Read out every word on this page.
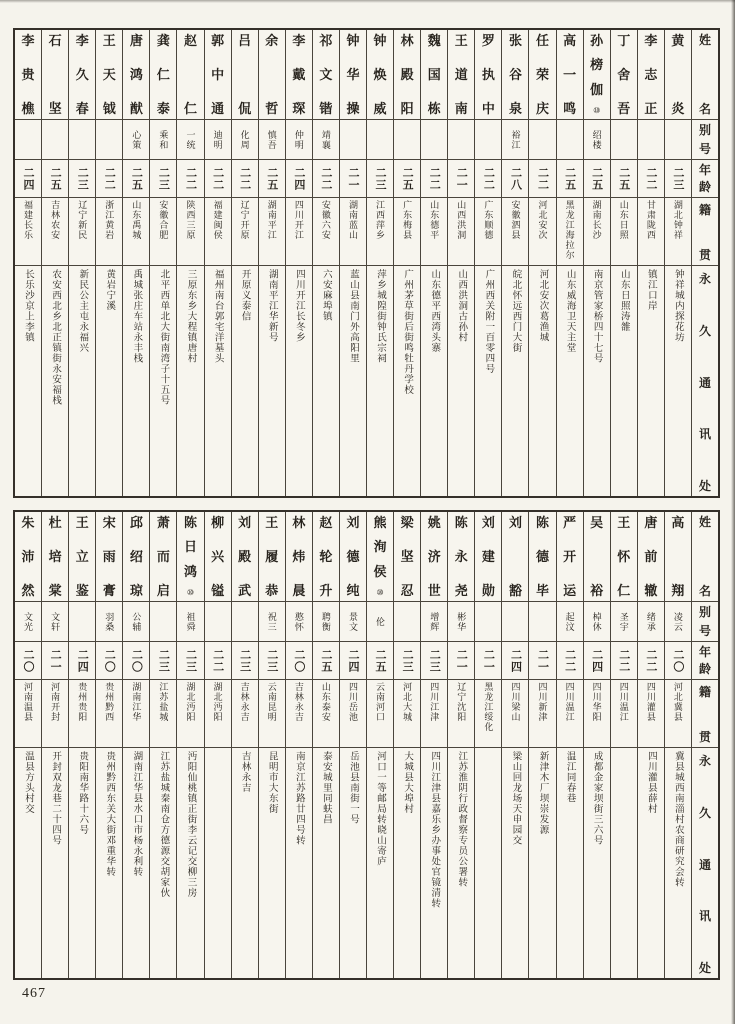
李
贵
樵
二四
福建长乐
长乐沙京上李镇
石
坚
二五
吉林农安
农安西北乡北正镇街永安福栈
李
久
春
二三
辽宁新民
新民公主屯永福兴
王
天
钺
二二
浙江黄岩
黄岩宁溪
唐
鸿
猷
心策
二五
山东禹城
禹城张庄车站永丰栈
龚
仁
泰
乘和
二三
安徽合肥
北平西单北大街南湾子十五号
赵
仁
一统
二二
陕西三原
三原东乡大程镇唐村
郭
中
通
迪明
二二
福建闽侯
福州南台郭宅洋墓头
吕
侃
化周
二二
辽宁开原
开原义泰信
余
哲
慎吾
二五
湖南平江
湖南平江华新号
李
戴
琛
仲明
二四
四川开江
四川开江长冬乡
祁
文
锴
靖襄
二二
安徽六安
六安麻埠镇
钟
华
操
二一
湖南蓝山
蓝山县南门外高阳里
钟
焕
威
二三
江西萍乡
萍乡城隍街钟氏宗祠
林
殿
阳
二五
广东梅县
广州茅草街后街鸣牡丹学校
魏
国
栋
二二
山东德平
山东德平西湾头寨
王
道
南
二一
山西洪洞
山西洪洞古孙村
罗
执
中
二二
广东顺德
广州西关附一百零四号
张
谷
泉
裕江
二八
安徽泗县
皖北怀远西门大街
任
荣
庆
二二
河北安次
河北安次葛渔城
高
一
鸣
二五
黑龙江海拉尔
山东威海卫天主堂
孙
榜
伽
⑩
绍楼
二五
湖南长沙
南京管家桥四十七号
丁
舍
吾
二五
山东日照
山东日照涛雒
李
志
正
二二
甘肃陇西
镇江口岸
黄
炎
二三
湖北钟祥
钟祥城内探花坊
姓
名
别
号
年
龄
籍
贯
永
久
通
讯
处
朱
沛
然
文光
二〇
河南温县
温县方头村交
杜
培
棠
文轩
二一
河南开封
开封双龙巷二十四号
王
立
鉴
二四
贵州贵阳
贵阳南华路十六号
宋
雨
膏
羽桑
二〇
贵州黔西
贵州黔西东关大街邓重华转
邱
绍
琼
公辅
二〇
湖南江华
湖南江华县水口市杨永利转
萧
而
启
二三
江苏盐城
江苏盐城秦南仓方德源交胡家伙
陈
日
鸿
⑩
祖舜
二三
湖北沔阳
沔阳仙桃镇正街李云记交柳三房
柳
兴
镒
二二
湖北沔阳
刘
殿
武
二三
吉林永吉
吉林永吉
王
履
恭
祝三
二三
云南昆明
昆明市大东街
林
炜
晨
憨怀
二〇
吉林永吉
南京江苏路廿四号转
赵
轮
升
聘衡
二五
山东泰安
泰安城里同蚨昌
刘
德
纯
景文
二四
四川岳池
岳池县南街一号
熊
洵
侯
⑩
伦
二五
云南河口
河口一等邮局转晓山寄庐
梁
坚
忍
二三
河北大城
大城县大埠村
姚
济
世
增辉
二三
四川江津
四川江津县嘉乐乡办事处官镜清转
陈
永
尧
彬华
二一
辽宁沈阳
江苏淮阴行政督察专员公署转
刘
建
勋
二一
黑龙江绥化
刘
豁
二四
四川梁山
梁山回龙场天申园交
陈
德
毕
二一
四川新津
新津木厂坝崇发源
严
开
运
起汶
二二
四川温江
温江同春巷
吴
裕
棹休
二四
四川华阳
成都金家坝街三六号
王
怀
仁
圣宇
二二
四川温江
唐
前
辙
绪承
二二
四川灌县
四川灌县薛村
高
翔
凌云
二〇
河北冀县
冀县城西南淄村农商研究会转
姓
名
别
号
年
龄
籍
贯
永
久
通
讯
处
467
